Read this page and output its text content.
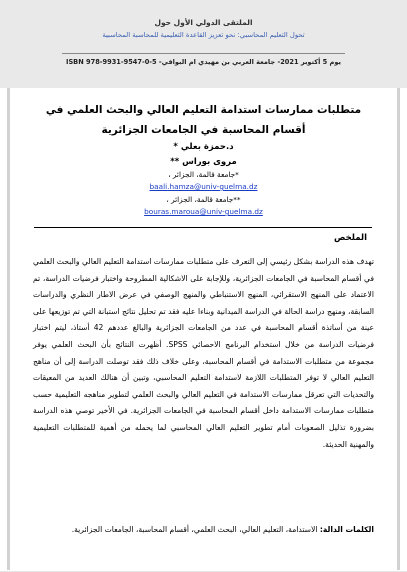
الملتقى الدولي الأول حول
تحول التعليم المحاسبي: نحو تعزيز القاعدة التعليمية للمحاسبة المحاسبية
يوم 5 أكتوبر 2021- جامعة العربي بن مهيدي ام البواقي- ISBN 978-9931-9547-0-5
متطلبات ممارسات استدامة التعليم العالي والبحث العلمي في أقسام المحاسبة في الجامعات الجزائرية
د.حمزة بعلي *
مروى بوراس **
*جامعة قالمة، الجزائر ،
baali.hamza@univ-guelma.dz
**جامعة قالمة، الجزائر ،
bouras.maroua@univ-guelma.dz
الملخص
تهدف هذه الدراسة بشكل رئيسي إلى التعرف على متطلبات ممارسات استدامة التعليم العالي والبحث العلمي في أقسام المحاسبة في الجامعات الجزائرية، وللإجابة على الاشكالية المطروحة واختبار فرضيات الدراسة، تم الاعتماد على المنهج الاستقرائي، المنهج الاستنباطي والمنهج الوصفي في عرض الاطار النظري والدراسات السابقة، ومنهج دراسة الحالة في الدراسة الميدانية وبناءا عليه فقد تم تحليل نتائج استبانة التي تم توزيعها على عينة من أساتذة أقسام المحاسبة في عدد من الجامعات الجزائرية والبالغ عددهم 42 أستاذ، ليتم اختبار فرضيات الدراسة من خلال استخدام البرنامج الاحصائي SPSS. أظهرت النتائج بأن البحث العلمي يوفر مجموعة من متطلبات الاستدامة في أقسام المحاسبة، وعلى خلاف ذلك فقد توصلت الدراسة إلى أن مناهج التعليم العالي لا توفر المتطلبات اللازمة لاستدامة التعليم المحاسبي، وتبين أن هنالك العديد من المعيقات والتحديات التي تعرقل ممارسات الاستدامة في التعليم العالي والبحث العلمي لتطوير مناهجه التعليمية حسب متطلبات ممارسات الاستدامة داخل أقسام المحاسبة في الجامعات الجزائرية. في الأخير توصي هذه الدراسة بضرورة تذليل الصعوبات أمام تطوير التعليم العالي المحاسبي لما يحمله من أهمية للمتطلبات التعليمية والمهنية الحديثة.
الكلمات الدالة: الاستدامة، التعليم العالي، البحث العلمي، أقسام المحاسبة، الجامعات الجزائرية.
